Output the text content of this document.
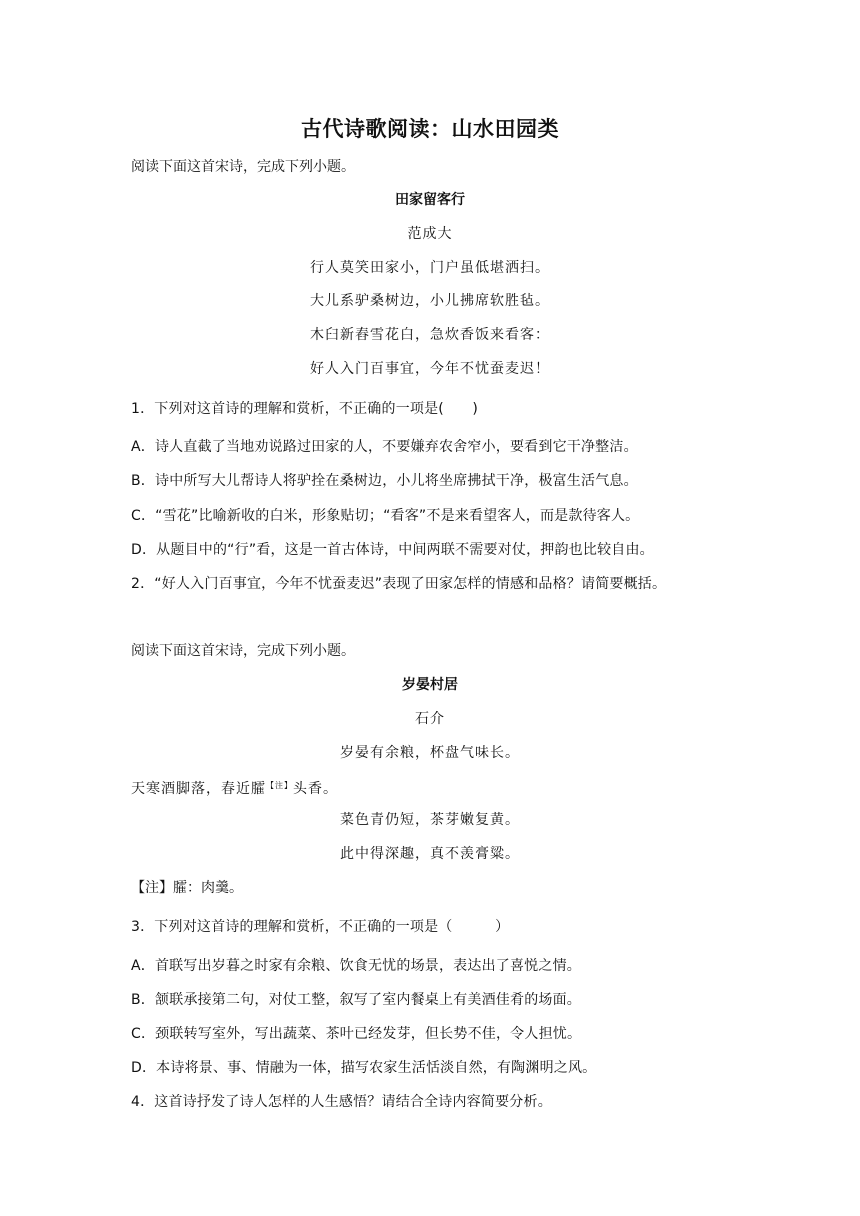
古代诗歌阅读：山水田园类
阅读下面这首宋诗，完成下列小题。
田家留客行
范成大
行人莫笑田家小，门户虽低堪洒扫。
大儿系驴桑树边，小儿拂席软胜毡。
木臼新舂雪花白，急炊香饭来看客：
好人入门百事宜，今年不忧蚕麦迟！
1．下列对这首诗的理解和赏析，不正确的一项是(　　)
A．诗人直截了当地劝说路过田家的人，不要嫌弃农舍窄小，要看到它干净整洁。
B．诗中所写大儿帮诗人将驴拴在桑树边，小儿将坐席拂拭干净，极富生活气息。
C．“雪花”比喻新收的白米，形象贴切；“看客”不是来看望客人，而是款待客人。
D．从题目中的“行”看，这是一首古体诗，中间两联不需要对仗，押韵也比较自由。
2．“好人入门百事宜，今年不忧蚕麦迟”表现了田家怎样的情感和品格？请简要概括。
阅读下面这首宋诗，完成下列小题。
岁晏村居
石介
岁晏有余粮，杯盘气味长。
天寒酒脚落，春近臛$^{【注】}$头香。
菜色青仍短，茶芽嫩复黄。
此中得深趣，真不羡膏粱。
【注】臛：肉羹。
3．下列对这首诗的理解和赏析，不正确的一项是（　　　）
A．首联写出岁暮之时家有余粮、饮食无忧的场景，表达出了喜悦之情。
B．颔联承接第二句，对仗工整，叙写了室内餐桌上有美酒佳肴的场面。
C．颈联转写室外，写出蔬菜、茶叶已经发芽，但长势不佳，令人担忧。
D．本诗将景、事、情融为一体，描写农家生活恬淡自然，有陶渊明之风。
4．这首诗抒发了诗人怎样的人生感悟？请结合全诗内容简要分析。
